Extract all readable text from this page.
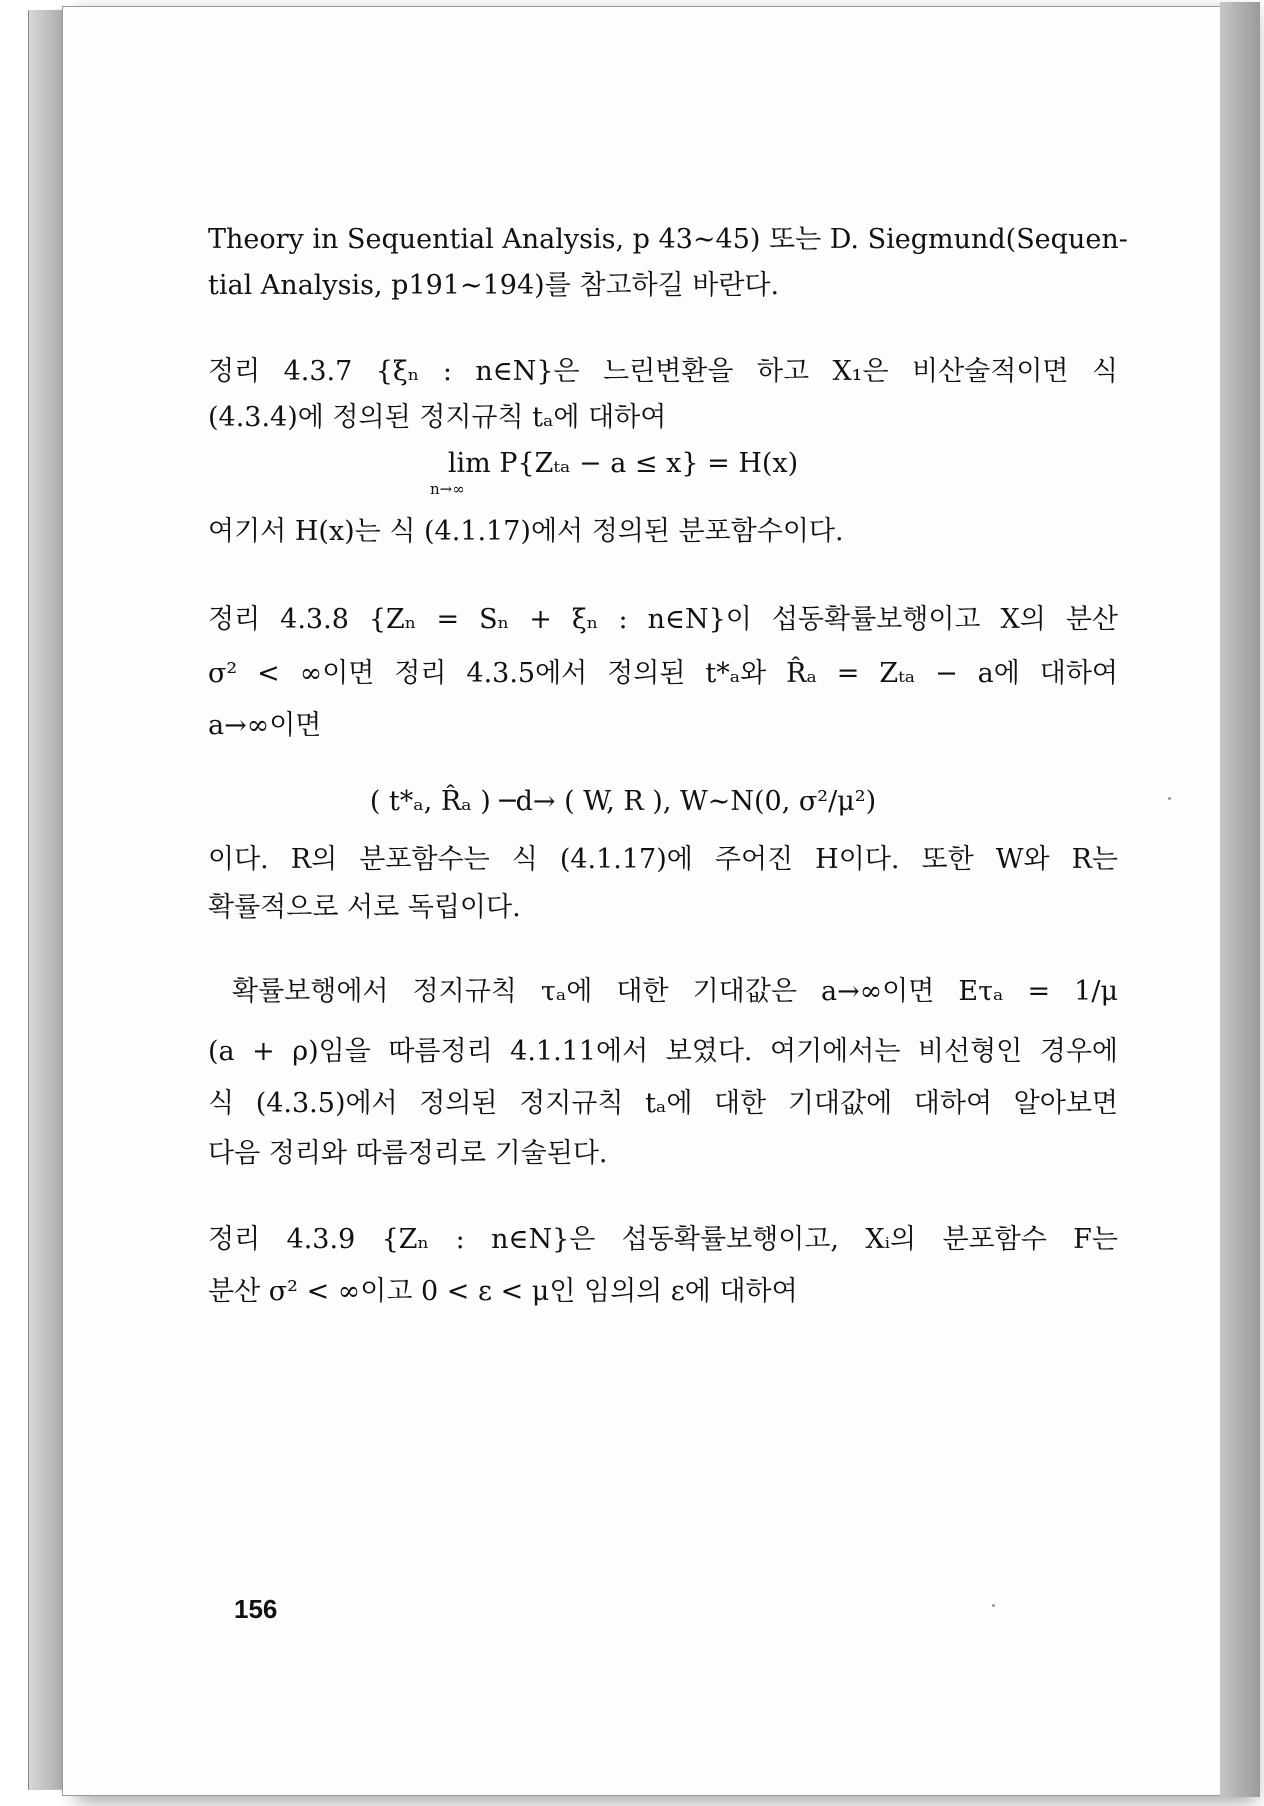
Theory in Sequential Analysis, p 43∼45) 또는 D. Siegmund(Sequen-
tial Analysis, p191∼194)를 참고하길 바란다.
정리 4.3.7 {ξₙ : n∈N}은 느린변환을 하고 X₁은 비산술적이면 식
(4.3.4)에 정의된 정지규칙 tₐ에 대하여
lim P{Zₜₐ − a ≤ x} = H(x)
n→∞
여기서 H(x)는 식 (4.1.17)에서 정의된 분포함수이다.
정리 4.3.8 {Zₙ = Sₙ + ξₙ : n∈N}이 섭동확률보행이고 X의 분산
σ² < ∞이면 정리 4.3.5에서 정의된 t*ₐ와 R̂ₐ = Zₜₐ − a에 대하여
a→∞이면
( t*ₐ, R̂ₐ ) ─d→ ( W, R ), W∼N(0, σ²/μ²)
이다. R의 분포함수는 식 (4.1.17)에 주어진 H이다. 또한 W와 R는
확률적으로 서로 독립이다.
확률보행에서 정지규칙 τₐ에 대한 기대값은 a→∞이면 Eτₐ = 1/μ
(a + ρ)임을 따름정리 4.1.11에서 보였다. 여기에서는 비선형인 경우에
식 (4.3.5)에서 정의된 정지규칙 tₐ에 대한 기대값에 대하여 알아보면
다음 정리와 따름정리로 기술된다.
정리 4.3.9 {Zₙ : n∈N}은 섭동확률보행이고, Xᵢ의 분포함수 F는
분산 σ² < ∞이고 0 < ε < μ인 임의의 ε에 대하여
156
